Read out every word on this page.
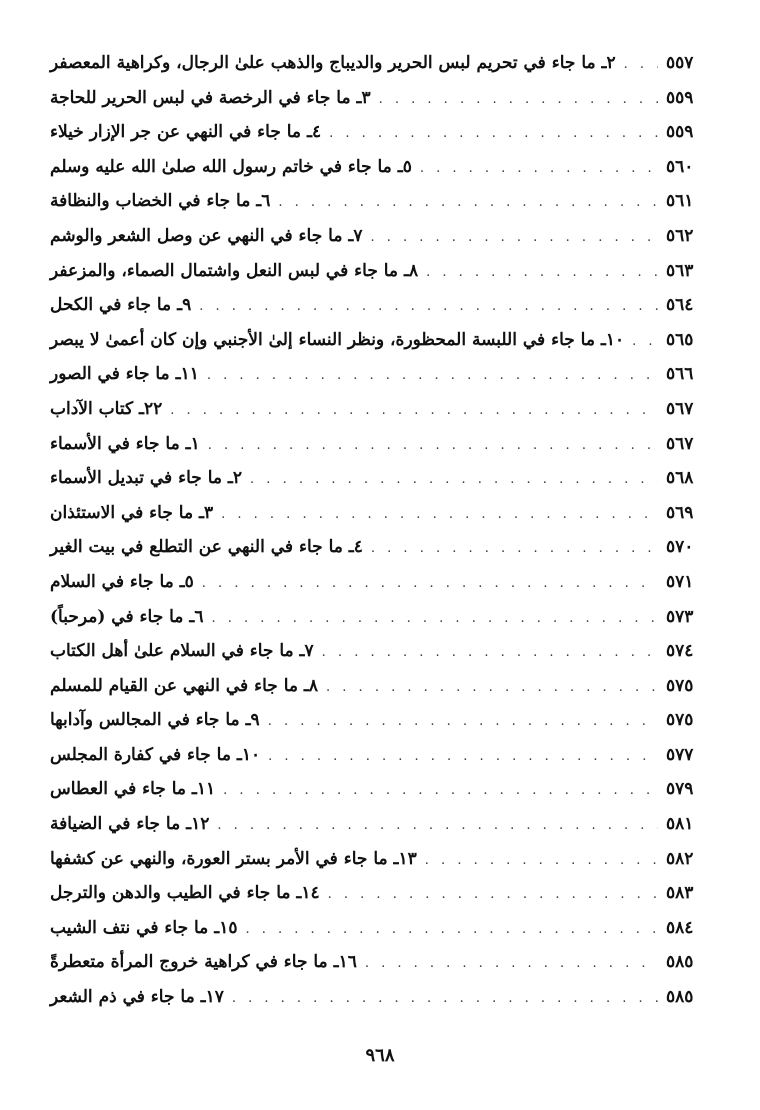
٢ـ ما جاء في تحريم لبس الحرير والديباج والذهب علىٰ الرجال، وكراهية المعصفر . . .	٥٥٧
٣ـ ما جاء في الرخصة في لبس الحرير للحاجة . . .	٥٥٩
٤ـ ما جاء في النهي عن جر الإزار خيلاء . . .	٥٥٩
٥ـ ما جاء في خاتم رسول الله صلىٰ الله عليه وسلم . . .	٥٦٠
٦ـ ما جاء في الخضاب والنظافة . . .	٥٦١
٧ـ ما جاء في النهي عن وصل الشعر والوشم . . .	٥٦٢
٨ـ ما جاء في لبس النعل واشتمال الصماء، والمزعفر . . .	٥٦٣
٩ـ ما جاء في الكحل . . .	٥٦٤
١٠ـ ما جاء في اللبسة المحظورة، ونظر النساء إلىٰ الأجنبي وإن كان أعمىٰ لا يبصر . . . ٥٦٥
١١ـ ما جاء في الصور . . .	٥٦٦
٢٢ـ كتاب الآداب . . .	٥٦٧
١ـ ما جاء في الأسماء . . .	٥٦٧
٢ـ ما جاء في تبديل الأسماء . . .	٥٦٨
٣ـ ما جاء في الاستئذان . . .	٥٦٩
٤ـ ما جاء في النهي عن التطلع في بيت الغير . . .	٥٧٠
٥ـ ما جاء في السلام . . .	٥٧١
٦ـ ما جاء في (مرحباً) . . .	٥٧٣
٧ـ ما جاء في السلام علىٰ أهل الكتاب . . .	٥٧٤
٨ـ ما جاء في النهي عن القيام للمسلم . . .	٥٧٥
٩ـ ما جاء في المجالس وآدابها . . .	٥٧٥
١٠ـ ما جاء في كفارة المجلس . . .	٥٧٧
١١ـ ما جاء في العطاس . . .	٥٧٩
١٢ـ ما جاء في الضيافة . . .	٥٨١
١٣ـ ما جاء في الأمر بستر العورة، والنهي عن كشفها . . .	٥٨٢
١٤ـ ما جاء في الطيب والدهن والترجل . . .	٥٨٣
١٥ـ ما جاء في نتف الشيب . . .	٥٨٤
١٦ـ ما جاء في كراهية خروج المرأة متعطرةً . . .	٥٨٥
١٧ـ ما جاء في ذم الشعر . . .	٥٨٥
٩٦٨
